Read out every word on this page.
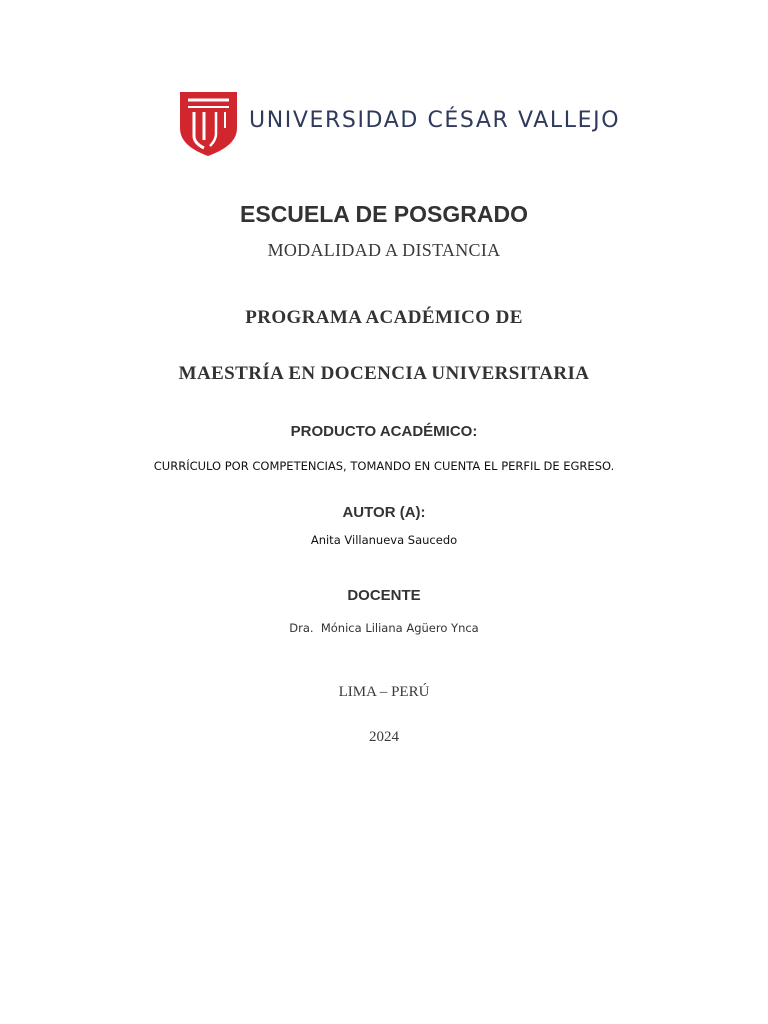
UNIVERSIDAD CÉSAR VALLEJO
ESCUELA DE POSGRADO
MODALIDAD A DISTANCIA
PROGRAMA ACADÉMICO DE
MAESTRÍA EN DOCENCIA UNIVERSITARIA
PRODUCTO ACADÉMICO:
CURRÍCULO POR COMPETENCIAS, TOMANDO EN CUENTA EL PERFIL DE EGRESO.
AUTOR (A):
Anita Villanueva Saucedo
DOCENTE
Dra.  Mónica Liliana Agüero Ynca
LIMA – PERÚ
2024
